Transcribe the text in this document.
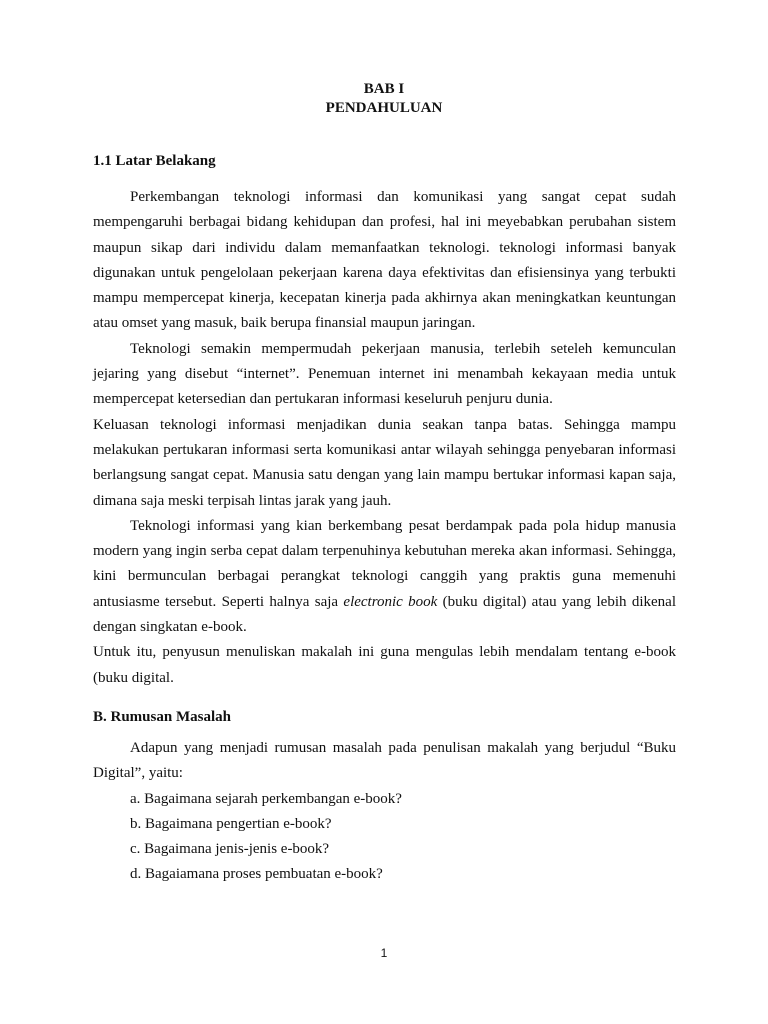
BAB I
PENDAHULUAN
1.1 Latar Belakang

Perkembangan teknologi informasi dan komunikasi yang sangat cepat sudah mempengaruhi berbagai bidang kehidupan dan profesi, hal ini meyebabkan perubahan sistem maupun sikap dari individu dalam memanfaatkan teknologi. teknologi informasi banyak digunakan untuk pengelolaan pekerjaan karena daya efektivitas dan efisiensinya yang terbukti mampu mempercepat kinerja, kecepatan kinerja pada akhirnya akan meningkatkan keuntungan atau omset yang masuk, baik berupa finansial maupun jaringan.

Teknologi semakin mempermudah pekerjaan manusia, terlebih seteleh kemunculan jejaring yang disebut “internet”. Penemuan internet ini menambah kekayaan media untuk mempercepat ketersedian dan pertukaran informasi keseluruh penjuru dunia.

Keluasan teknologi informasi menjadikan dunia seakan tanpa batas. Sehingga mampu melakukan pertukaran informasi serta komunikasi antar wilayah sehingga penyebaran informasi berlangsung sangat cepat. Manusia satu dengan yang lain mampu bertukar informasi kapan saja, dimana saja meski terpisah lintas jarak yang jauh.

Teknologi informasi yang kian berkembang pesat berdampak pada pola hidup manusia modern yang ingin serba cepat dalam terpenuhinya kebutuhan mereka akan informasi. Sehingga, kini bermunculan berbagai perangkat teknologi canggih yang praktis guna memenuhi antusiasme tersebut. Seperti halnya saja electronic book (buku digital) atau yang lebih dikenal dengan singkatan e-book.

Untuk itu, penyusun menuliskan makalah ini guna mengulas lebih mendalam tentang e-book (buku digital.

B. Rumusan Masalah

Adapun yang menjadi rumusan masalah pada penulisan makalah yang berjudul “Buku Digital”, yaitu:

a. Bagaimana sejarah perkembangan e-book?
b. Bagaimana pengertian e-book?
c. Bagaimana jenis-jenis e-book?
d. Bagaiamana proses pembuatan e-book?
1
